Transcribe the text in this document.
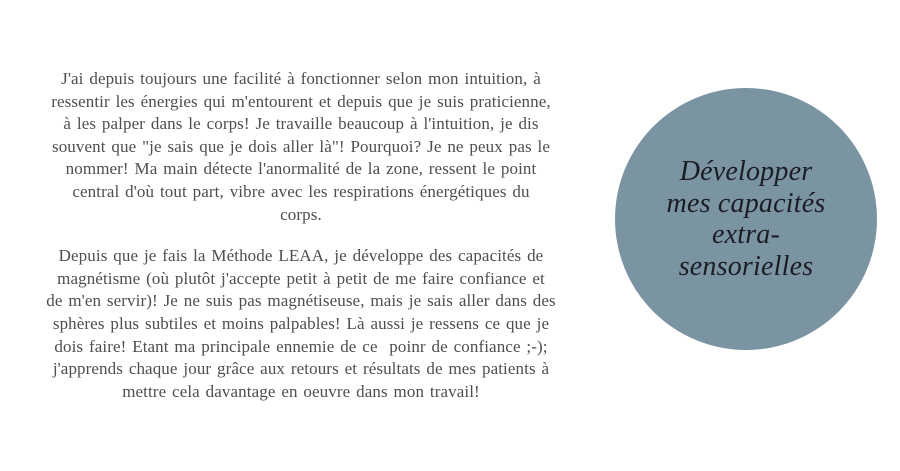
J'ai depuis toujours une facilité à fonctionner selon mon intuition, à
ressentir les énergies qui m'entourent et depuis que je suis praticienne,
à les palper dans le corps! Je travaille beaucoup à l'intuition, je dis
souvent que "je sais que je dois aller là"! Pourquoi? Je ne peux pas le
nommer! Ma main détecte l'anormalité de la zone, ressent le point
central d'où tout part, vibre avec les respirations énergétiques du
corps.
Depuis que je fais la Méthode LEAA, je développe des capacités de
magnétisme (où plutôt j'accepte petit à petit de me faire confiance et
de m'en servir)! Je ne suis pas magnétiseuse, mais je sais aller dans des
sphères plus subtiles et moins palpables! Là aussi je ressens ce que je
dois faire! Etant ma principale ennemie de ce  poinr de confiance ;-);
j'apprends chaque jour grâce aux retours et résultats de mes patients à
mettre cela davantage en oeuvre dans mon travail!
Développer
mes capacités
extra-
sensorielles
